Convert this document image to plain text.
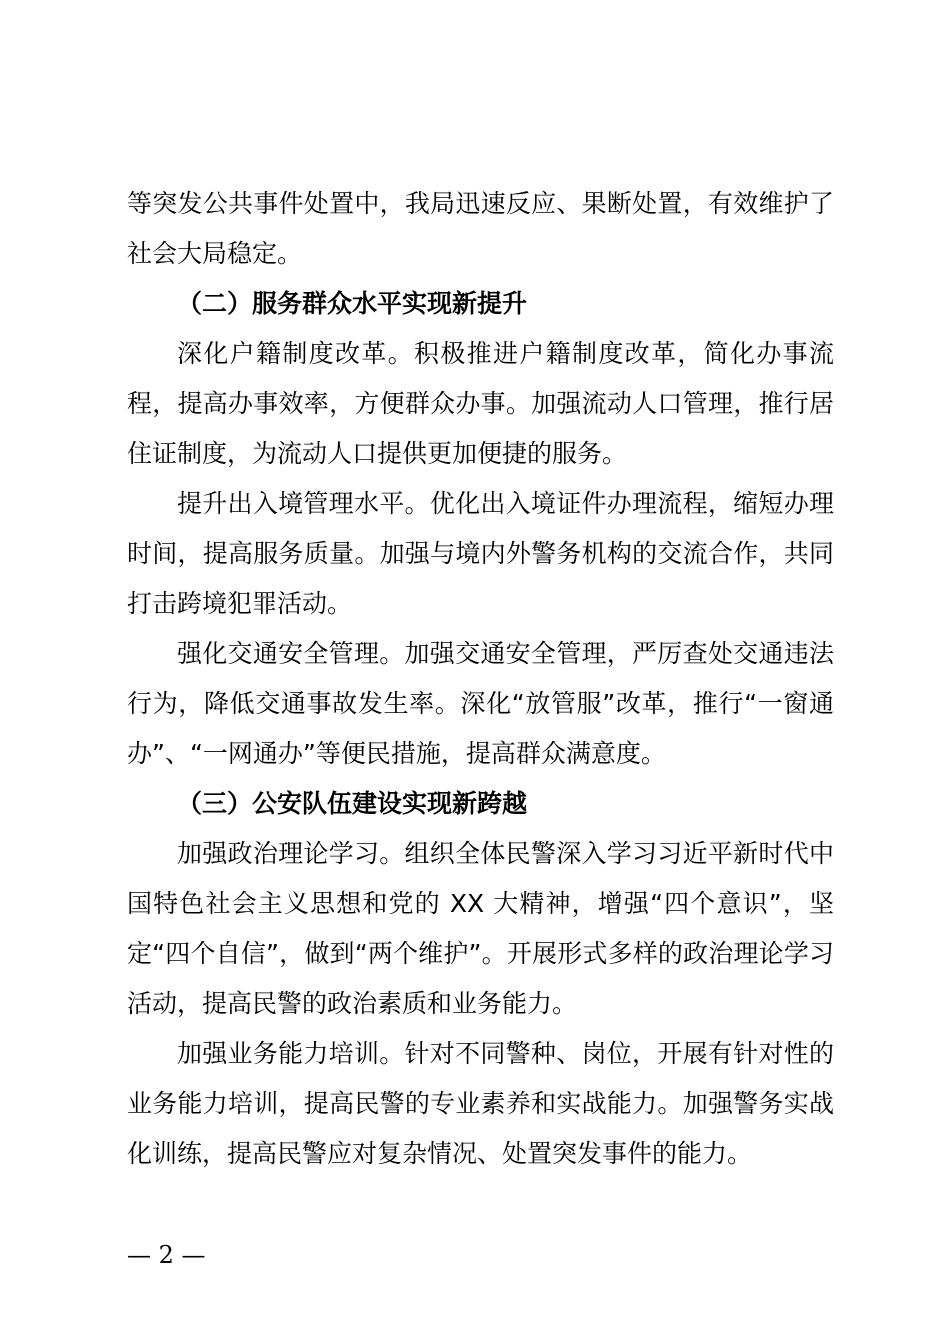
等突发公共事件处置中，我局迅速反应、果断处置，有效维护了社会大局稳定。

（二）服务群众水平实现新提升

深化户籍制度改革。积极推进户籍制度改革，简化办事流程，提高办事效率，方便群众办事。加强流动人口管理，推行居住证制度，为流动人口提供更加便捷的服务。

提升出入境管理水平。优化出入境证件办理流程，缩短办理时间，提高服务质量。加强与境内外警务机构的交流合作，共同打击跨境犯罪活动。

强化交通安全管理。加强交通安全管理，严厉查处交通违法行为，降低交通事故发生率。深化“放管服”改革，推行“一窗通办”、“一网通办”等便民措施，提高群众满意度。

（三）公安队伍建设实现新跨越

加强政治理论学习。组织全体民警深入学习习近平新时代中国特色社会主义思想和党的 XX 大精神，增强“四个意识”，坚定“四个自信”，做到“两个维护”。开展形式多样的政治理论学习活动，提高民警的政治素质和业务能力。

加强业务能力培训。针对不同警种、岗位，开展有针对性的业务能力培训，提高民警的专业素养和实战能力。加强警务实战化训练，提高民警应对复杂情况、处置突发事件的能力。

— 2 —
